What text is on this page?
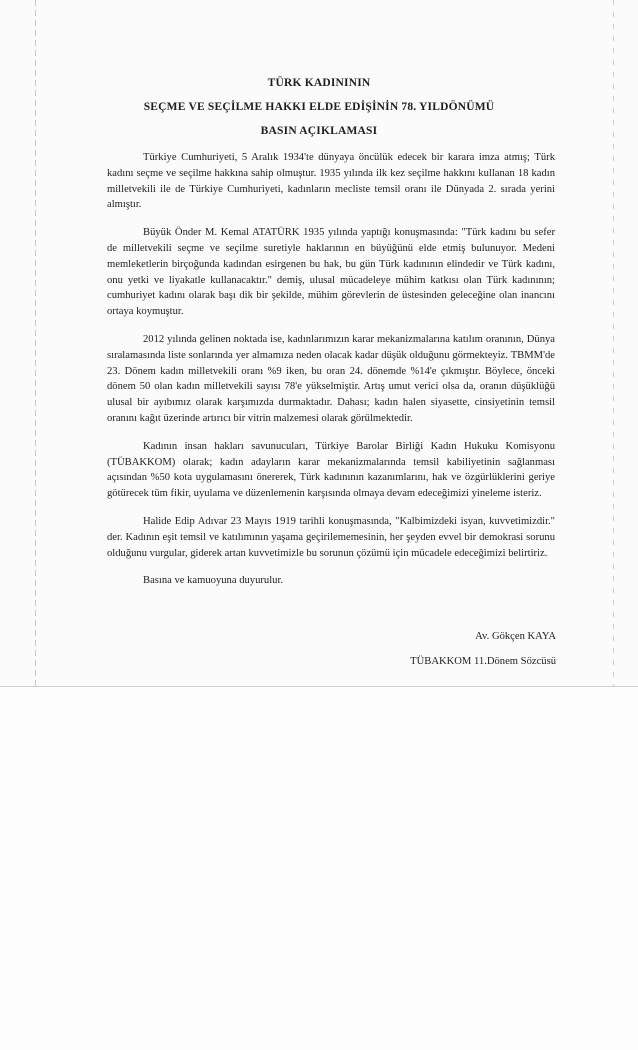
TÜRK KADINININ
SEÇME VE SEÇİLME HAKKI ELDE EDİŞİNİN 78. YILDÖNÜMÜ
BASIN AÇIKLAMASI

Türkiye Cumhuriyeti, 5 Aralık 1934'te dünyaya öncülük edecek bir karara imza atmış; Türk kadını seçme ve seçilme hakkına sahip olmuştur. 1935 yılında ilk kez seçilme hakkını kullanan 18 kadın milletvekili ile de Türkiye Cumhuriyeti, kadınların mecliste temsil oranı ile Dünyada 2. sırada yerini almıştır.

Büyük Önder M. Kemal ATATÜRK 1935 yılında yaptığı konuşmasında: "Türk kadını bu sefer de milletvekili seçme ve seçilme suretiyle haklarının en büyüğünü elde etmiş bulunuyor. Medeni memleketlerin birçoğunda kadından esirgenen bu hak, bu gün Türk kadınının elindedir ve Türk kadını, onu yetki ve liyakatle kullanacaktır." demiş, ulusal mücadeleye mühim katkısı olan Türk kadınının; cumhuriyet kadını olarak başı dik bir şekilde, mühim görevlerin de üstesinden geleceğine olan inancını ortaya koymuştur.

2012 yılında gelinen noktada ise, kadınlarımızın karar mekanizmalarına katılım oranının, Dünya sıralamasında liste sonlarında yer almamıza neden olacak kadar düşük olduğunu görmekteyiz. TBMM'de 23. Dönem kadın milletvekili oranı %9 iken, bu oran 24. dönemde %14'e çıkmıştır. Böylece, önceki dönem 50 olan kadın milletvekili sayısı 78'e yükselmiştir. Artış umut verici olsa da, oranın düşüklüğü ulusal bir ayıbımız olarak karşımızda durmaktadır. Dahası; kadın halen siyasette, cinsiyetinin temsil oranını kağıt üzerinde artırıcı bir vitrin malzemesi olarak görülmektedir.

Kadının insan hakları savunucuları, Türkiye Barolar Birliği Kadın Hukuku Komisyonu (TÜBAKKOM) olarak; kadın adayların karar mekanizmalarında temsil kabiliyetinin sağlanması açısından %50 kota uygulamasını önererek, Türk kadınının kazanımlarını, hak ve özgürlüklerini geriye götürecek tüm fikir, uyulama ve düzenlemenin karşısında olmaya devam edeceğimizi yineleme isteriz.

Halide Edip Adıvar 23 Mayıs 1919 tarihli konuşmasında, "Kalbimizdeki isyan, kuvvetimizdir." der. Kadının eşit temsil ve katılımının yaşama geçirilememesinin, her şeyden evvel bir demokrasi sorunu olduğunu vurgular, giderek artan kuvvetimizle bu sorunun çözümü için mücadele edeceğimizi belirtiriz.

Basına ve kamuoyuna duyurulur.

Av. Gökçen KAYA
TÜBAKKOM 11.Dönem Sözcüsü
